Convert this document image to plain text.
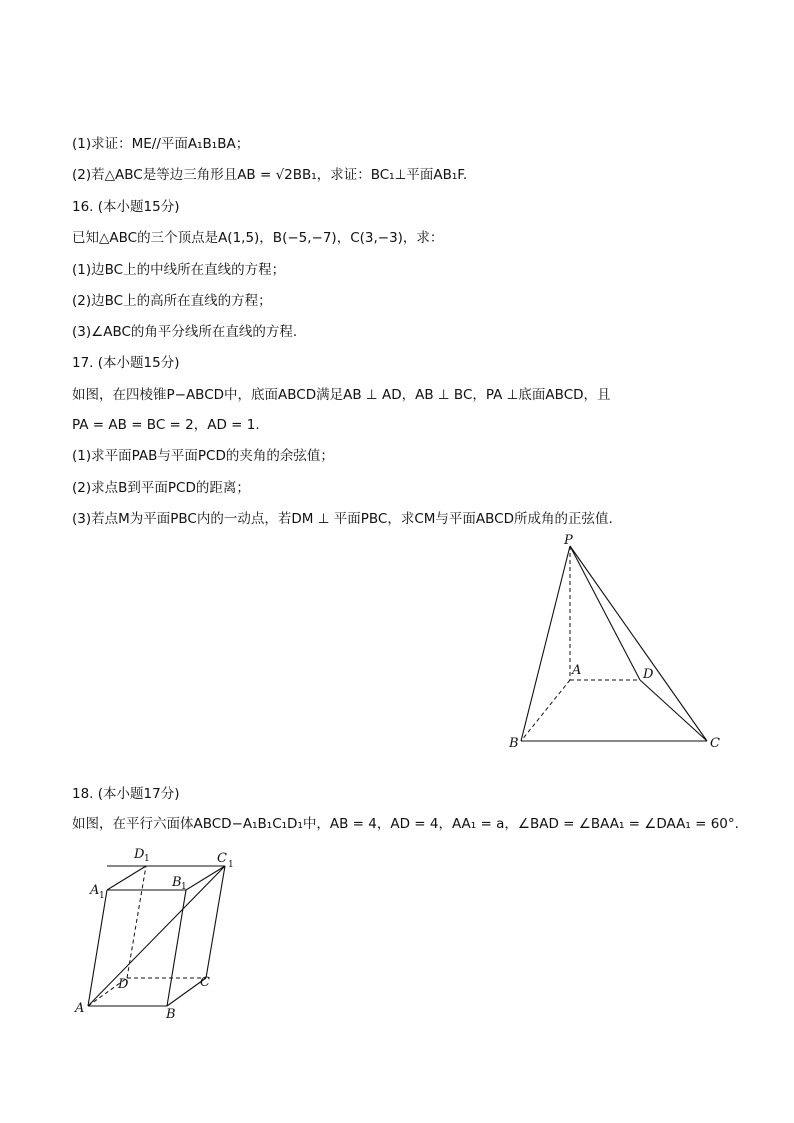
(1)求证：ME//平面A₁B₁BA；
(2)若△ABC是等边三角形且AB = √2BB₁，求证：BC₁⊥平面AB₁F.
16. (本小题15分)
已知△ABC的三个顶点是A(1,5)，B(−5,−7)，C(3,−3)，求：
(1)边BC上的中线所在直线的方程；
(2)边BC上的高所在直线的方程；
(3)∠ABC的角平分线所在直线的方程.
17. (本小题15分)
如图，在四棱锥P−ABCD中，底面ABCD满足AB ⊥ AD，AB ⊥ BC，PA ⊥底面ABCD，且
PA = AB = BC = 2，AD = 1.
(1)求平面PAB与平面PCD的夹角的余弦值；
(2)求点B到平面PCD的距离；
(3)若点M为平面PBC内的一动点，若DM ⊥ 平面PBC，求CM与平面ABCD所成角的正弦值.
18. (本小题17分)
如图，在平行六面体ABCD−A₁B₁C₁D₁中，AB = 4，AD = 4，AA₁ = a，∠BAD = ∠BAA₁ = ∠DAA₁ = 60°.
P
A	D
B	C
D 1	C 1
A 1
B 1
D	C
A	B
